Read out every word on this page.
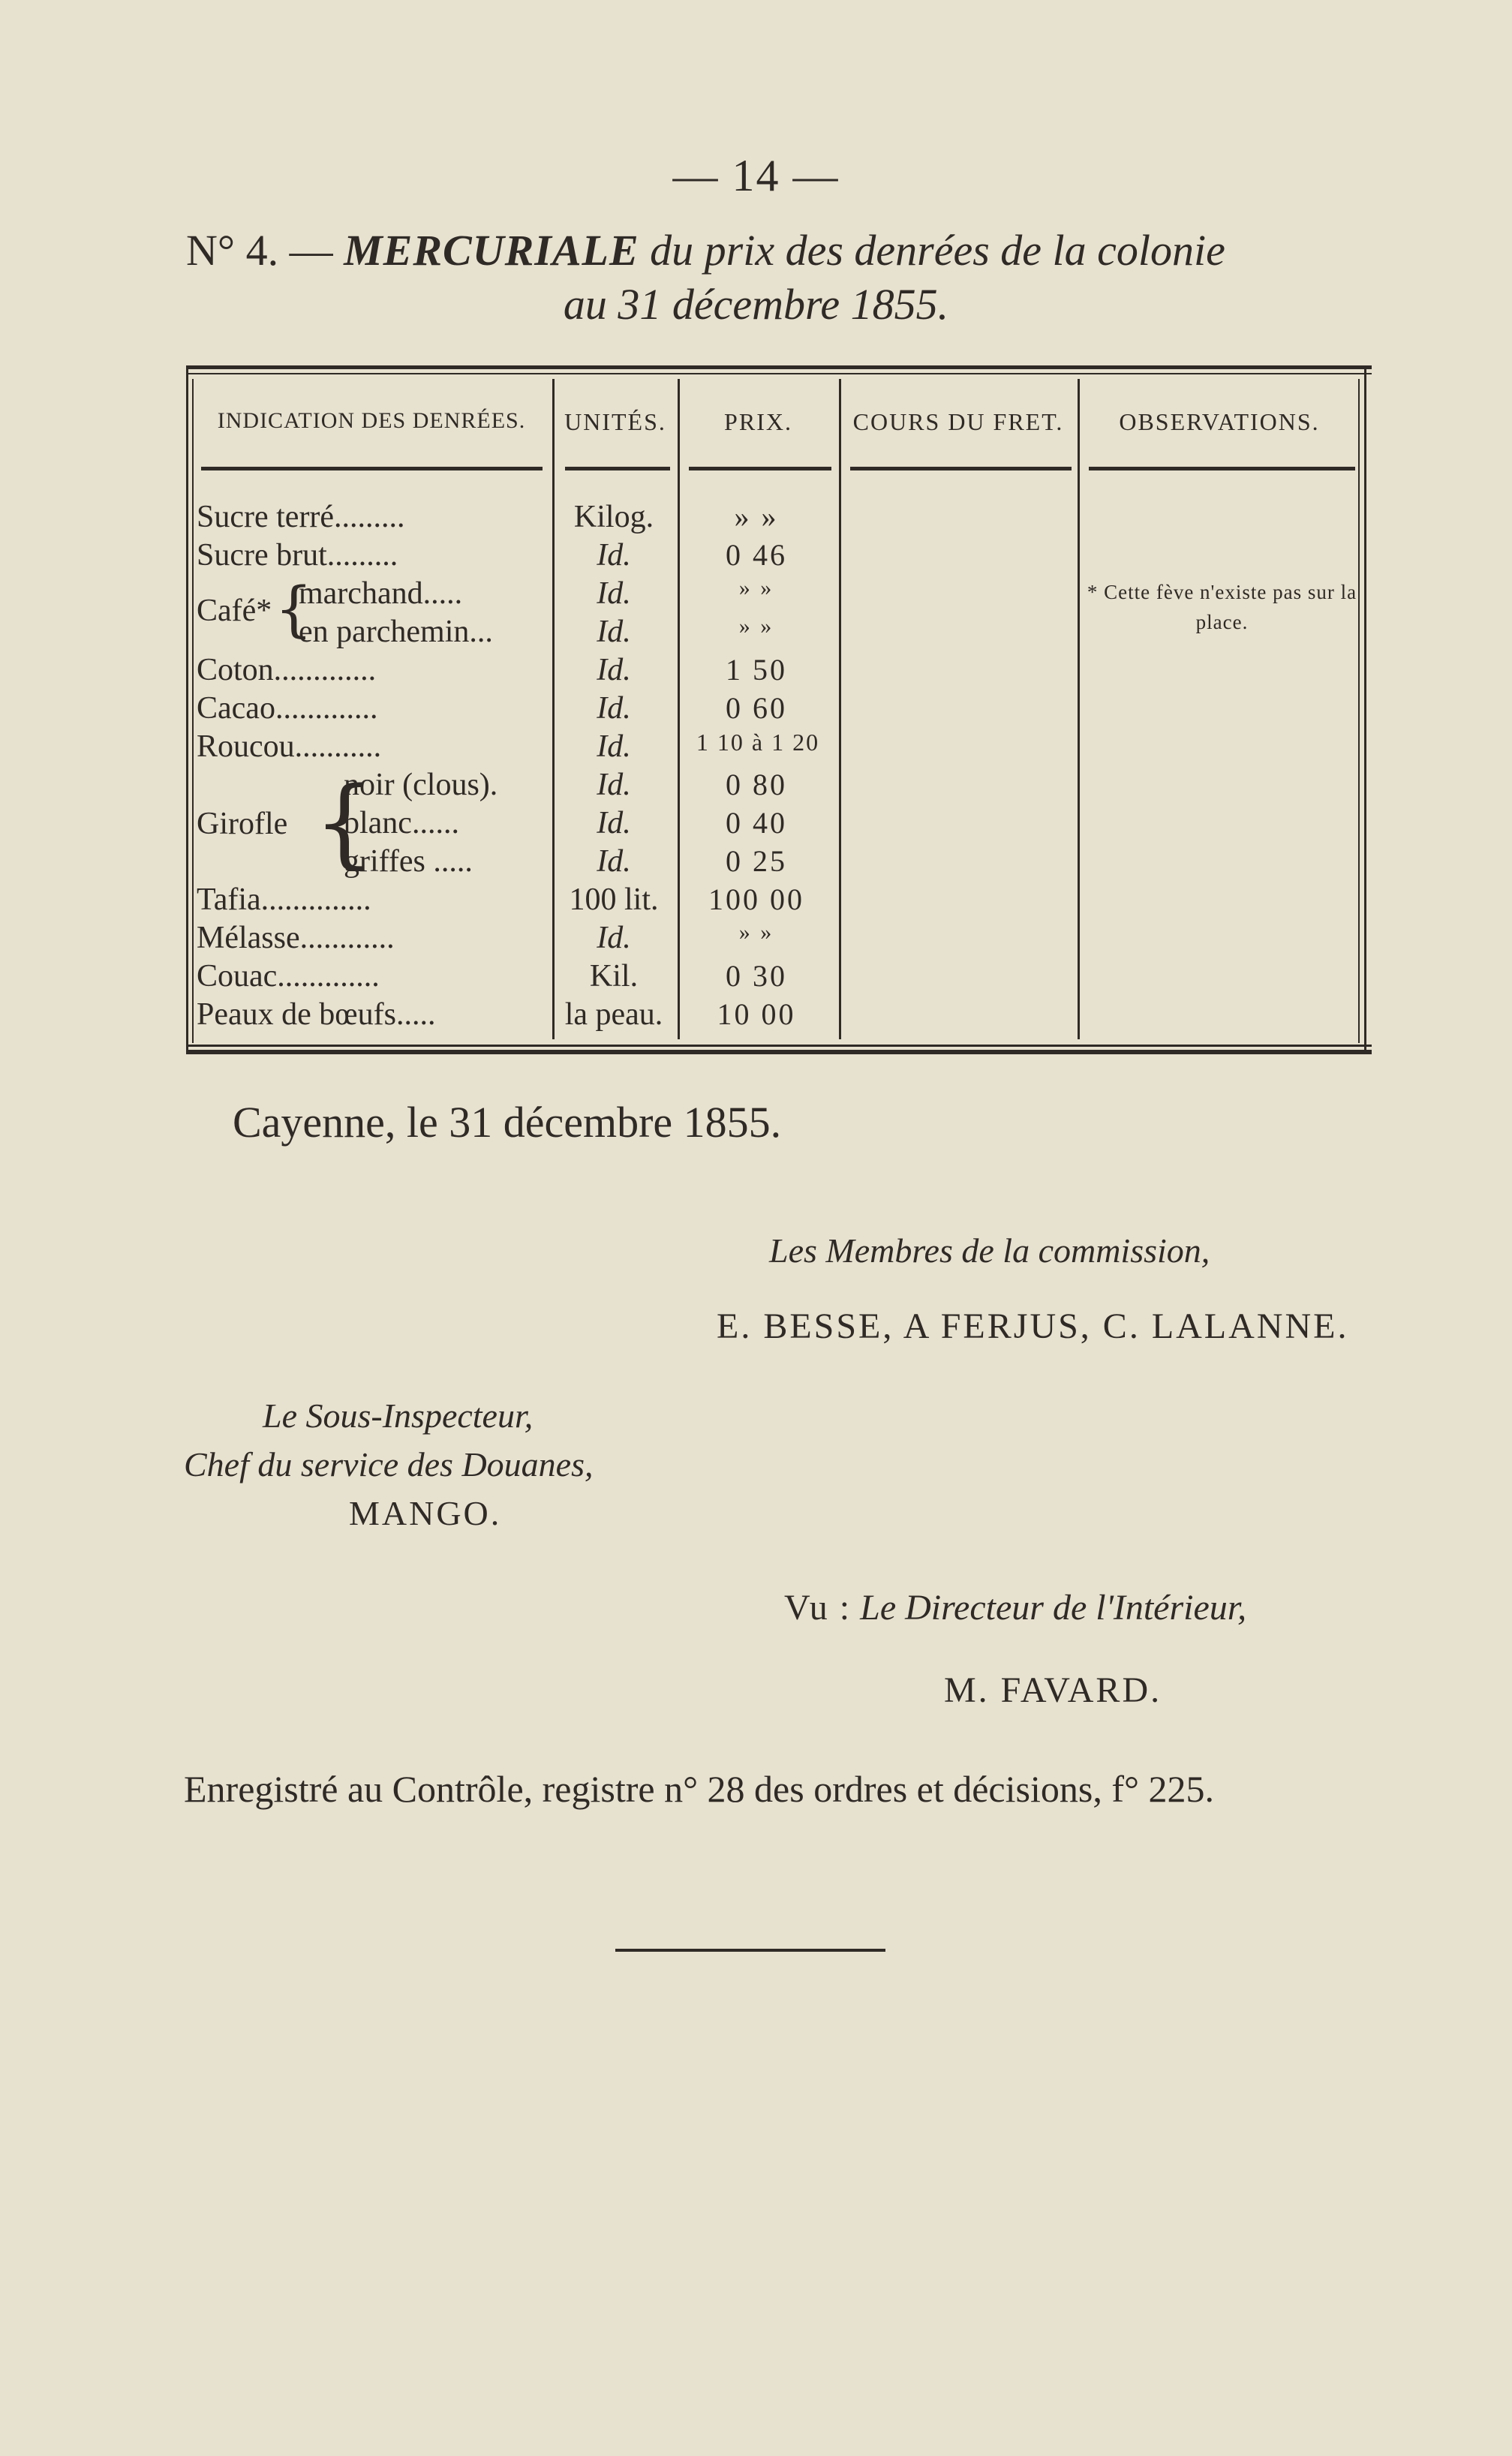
— 14 —
N° 4. — MERCURIALE du prix des denrées de la colonie
au 31 décembre 1855.
INDICATION DES DENRÉES.	UNITÉS.	PRIX.	COURS DU FRET.	OBSERVATIONS.
Sucre terré.........	Kilog.	» »
Sucre brut.........	Id.	0 46
Café* {
marchand.....	Id.	» »
en parchemin...	Id.	» »
Coton.............	Id.	1 50
Cacao.............	Id.	0 60
Roucou...........	Id.	1 10 à 1 20
Girofle {
noir (clous).	Id.	0 80
blanc......	Id.	0 40
griffes .....	Id.	0 25
Tafia..............	100 lit.	100 00
Mélasse............	Id.	» »
Couac.............	Kil.	0 30
Peaux de bœufs.....	la peau.	10 00
* Cette fève n'existe pas sur la place.
Cayenne, le 31 décembre 1855.
Les Membres de la commission,
E. BESSE, A FERJUS, C. LALANNE.
Le Sous-Inspecteur,
Chef du service des Douanes,
MANGO.
Vu : Le Directeur de l'Intérieur,
M. FAVARD.
Enregistré au Contrôle, registre n° 28 des ordres et décisions, f° 225.
